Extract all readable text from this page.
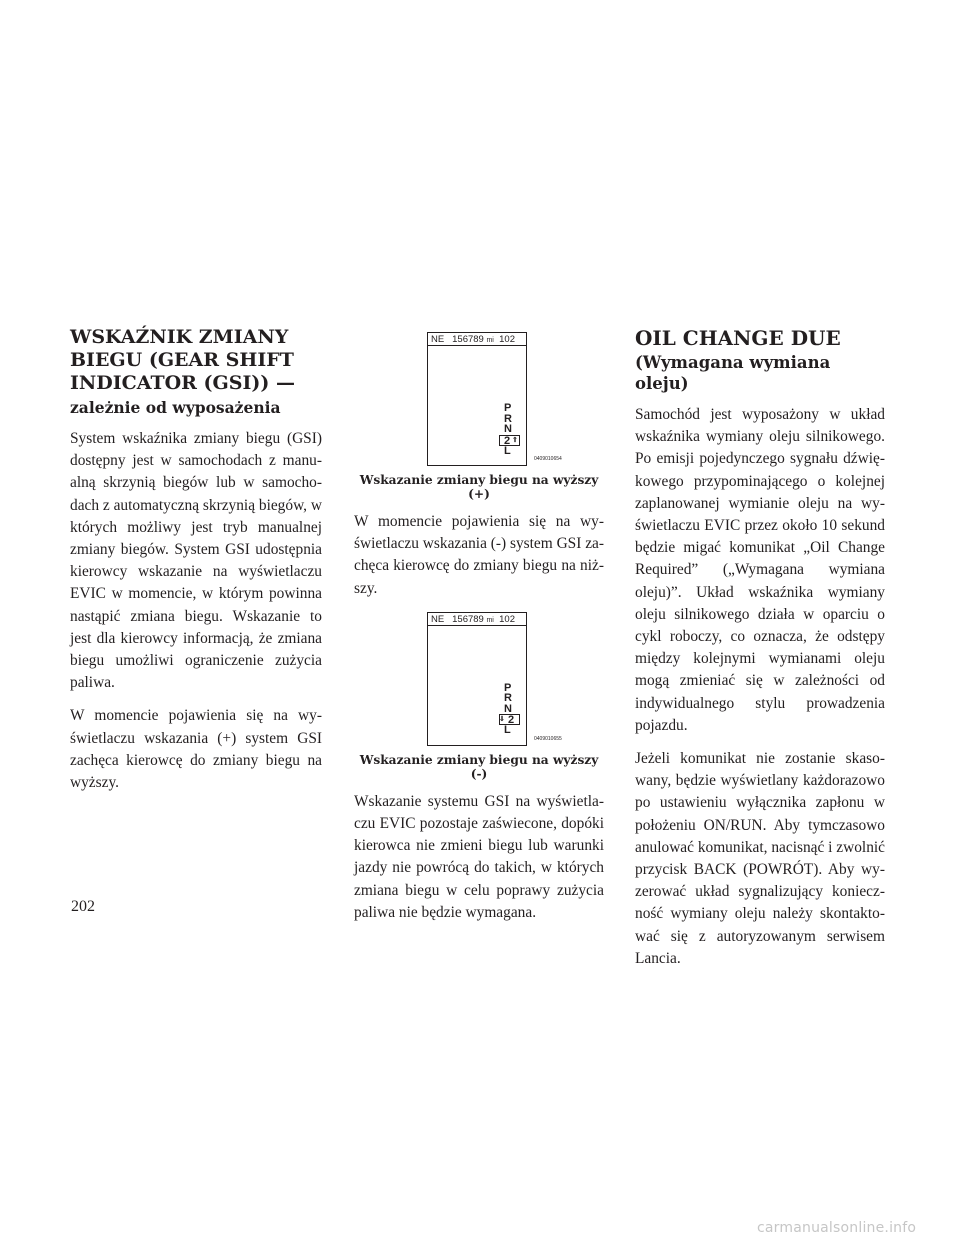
WSKAŹNIK ZMIANY
BIEGU (GEAR SHIFT
INDICATOR (GSI)) —
zależnie od wyposażenia

System wskaźnika zmiany biegu (GSI) dostępny jest w samochodach z manualną skrzynią biegów lub w samochodach z automatyczną skrzynią biegów, w których możliwy jest tryb manualnej zmiany biegów. System GSI udostępnia kierowcy wskazanie na wyświetlaczu EVIC w momencie, w którym powinna nastąpić zmiana biegu. Wskazanie to jest dla kierowcy informacją, że zmiana biegu umożliwi ograniczenie zużycia paliwa.

W momencie pojawienia się na wyświetlaczu wskazania (+) system GSI zachęca kierowcę do zmiany biegu na wyższy.

NE 156789 mi 102
P
R
N
2 ⇑
L
0409010654
Wskazanie zmiany biegu na wyższy (+)

W momencie pojawienia się na wyświetlaczu wskazania (-) system GSI zachęca kierowcę do zmiany biegu na niższy.

NE 156789 mi 102
P
R
N
⇓ 2
L
0409010655
Wskazanie zmiany biegu na wyższy (-)

Wskazanie systemu GSI na wyświetlaczu EVIC pozostaje zaświecone, dopóki kierowca nie zmieni biegu lub warunki jazdy nie powrócą do takich, w których zmiana biegu w celu poprawy zużycia paliwa nie będzie wymagana.

OIL CHANGE DUE
(Wymagana wymiana oleju)

Samochód jest wyposażony w układ wskaźnika wymiany oleju silnikowego. Po emisji pojedynczego sygnału dźwiękowego przypominającego o kolejnej zaplanowanej wymianie oleju na wyświetlaczu EVIC przez około 10 sekund będzie migać komunikat „Oil Change Required” („Wymagana wymiana oleju)”. Układ wskaźnika wymiany oleju silnikowego działa w oparciu o cykl roboczy, co oznacza, że odstępy między kolejnymi wymianami oleju mogą zmieniać się w zależności od indywidualnego stylu prowadzenia pojazdu.

Jeżeli komunikat nie zostanie skasowany, będzie wyświetlany każdorazowo po ustawieniu wyłącznika zapłonu w położeniu ON/RUN. Aby tymczasowo anulować komunikat, nacisnąć i zwolnić przycisk BACK (POWRÓT). Aby wyzerować układ sygnalizujący konieczność wymiany oleju należy skontaktować się z autoryzowanym serwisem Lancia.

202
carmanualsonline.info
